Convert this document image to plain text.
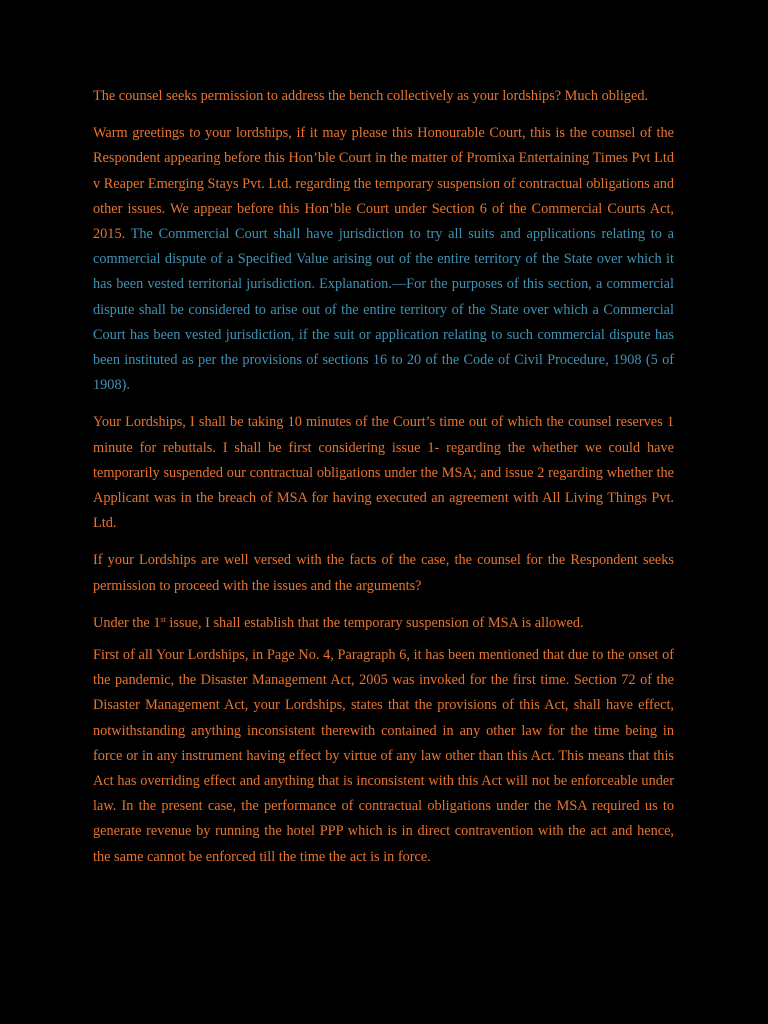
The counsel seeks permission to address the bench collectively as your lordships? Much obliged.

Warm greetings to your lordships, if it may please this Honourable Court, this is the counsel of the Respondent appearing before this Hon’ble Court in the matter of Promixa Entertaining Times Pvt Ltd v Reaper Emerging Stays Pvt. Ltd. regarding the temporary suspension of contractual obligations and other issues. We appear before this Hon’ble Court under Section 6 of the Commercial Courts Act, 2015. The Commercial Court shall have jurisdiction to try all suits and applications relating to a commercial dispute of a Specified Value arising out of the entire territory of the State over which it has been vested territorial jurisdiction. Explanation.—For the purposes of this section, a commercial dispute shall be considered to arise out of the entire territory of the State over which a Commercial Court has been vested jurisdiction, if the suit or application relating to such commercial dispute has been instituted as per the provisions of sections 16 to 20 of the Code of Civil Procedure, 1908 (5 of 1908).

Your Lordships, I shall be taking 10 minutes of the Court’s time out of which the counsel reserves 1 minute for rebuttals. I shall be first considering issue 1- regarding the whether we could have temporarily suspended our contractual obligations under the MSA; and issue 2 regarding whether the Applicant was in the breach of MSA for having executed an agreement with All Living Things Pvt. Ltd.

If your Lordships are well versed with the facts of the case, the counsel for the Respondent seeks permission to proceed with the issues and the arguments?

Under the 1st issue, I shall establish that the temporary suspension of MSA is allowed.

First of all Your Lordships, in Page No. 4, Paragraph 6, it has been mentioned that due to the onset of the pandemic, the Disaster Management Act, 2005 was invoked for the first time. Section 72 of the Disaster Management Act, your Lordships, states that the provisions of this Act, shall have effect, notwithstanding anything inconsistent therewith contained in any other law for the time being in force or in any instrument having effect by virtue of any law other than this Act. This means that this Act has overriding effect and anything that is inconsistent with this Act will not be enforceable under law. In the present case, the performance of contractual obligations under the MSA required us to generate revenue by running the hotel PPP which is in direct contravention with the act and hence, the same cannot be enforced till the time the act is in force.
